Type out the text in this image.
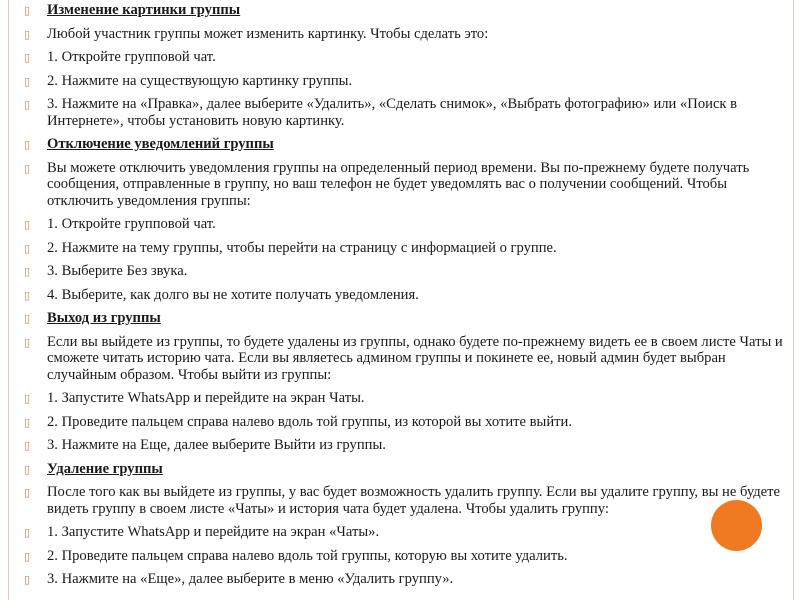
▯ Изменение картинки группы
▯ Любой участник группы может изменить картинку. Чтобы сделать это:
▯ 1. Откройте групповой чат.
▯ 2. Нажмите на существующую картинку группы.
▯ 3. Нажмите на «Правка», далее выберите «Удалить», «Сделать снимок», «Выбрать фотографию» или «Поиск в Интернете», чтобы установить новую картинку.
▯ Отключение уведомлений группы
▯ Вы можете отключить уведомления группы на определенный период времени. Вы по-прежнему будете получать сообщения, отправленные в группу, но ваш телефон не будет уведомлять вас о получении сообщений. Чтобы отключить уведомления группы:
▯ 1. Откройте групповой чат.
▯ 2. Нажмите на тему группы, чтобы перейти на страницу с информацией о группе.
▯ 3. Выберите Без звука.
▯ 4. Выберите, как долго вы не хотите получать уведомления.
▯ Выход из группы
▯ Если вы выйдете из группы, то будете удалены из группы, однако будете по-прежнему видеть ее в своем листе Чаты и сможете читать историю чата. Если вы являетесь админом группы и покинете ее, новый админ будет выбран случайным образом. Чтобы выйти из группы:
▯ 1. Запустите WhatsApp и перейдите на экран Чаты.
▯ 2. Проведите пальцем справа налево вдоль той группы, из которой вы хотите выйти.
▯ 3. Нажмите на Еще, далее выберите Выйти из группы.
▯ Удаление группы
▯ После того как вы выйдете из группы, у вас будет возможность удалить группу. Если вы удалите группу, вы не будете видеть группу в своем листе «Чаты» и история чата будет удалена. Чтобы удалить группу:
▯ 1. Запустите WhatsApp и перейдите на экран «Чаты».
▯ 2. Проведите пальцем справа налево вдоль той группы, которую вы хотите удалить.
▯ 3. Нажмите на «Еще», далее выберите в меню «Удалить группу».
